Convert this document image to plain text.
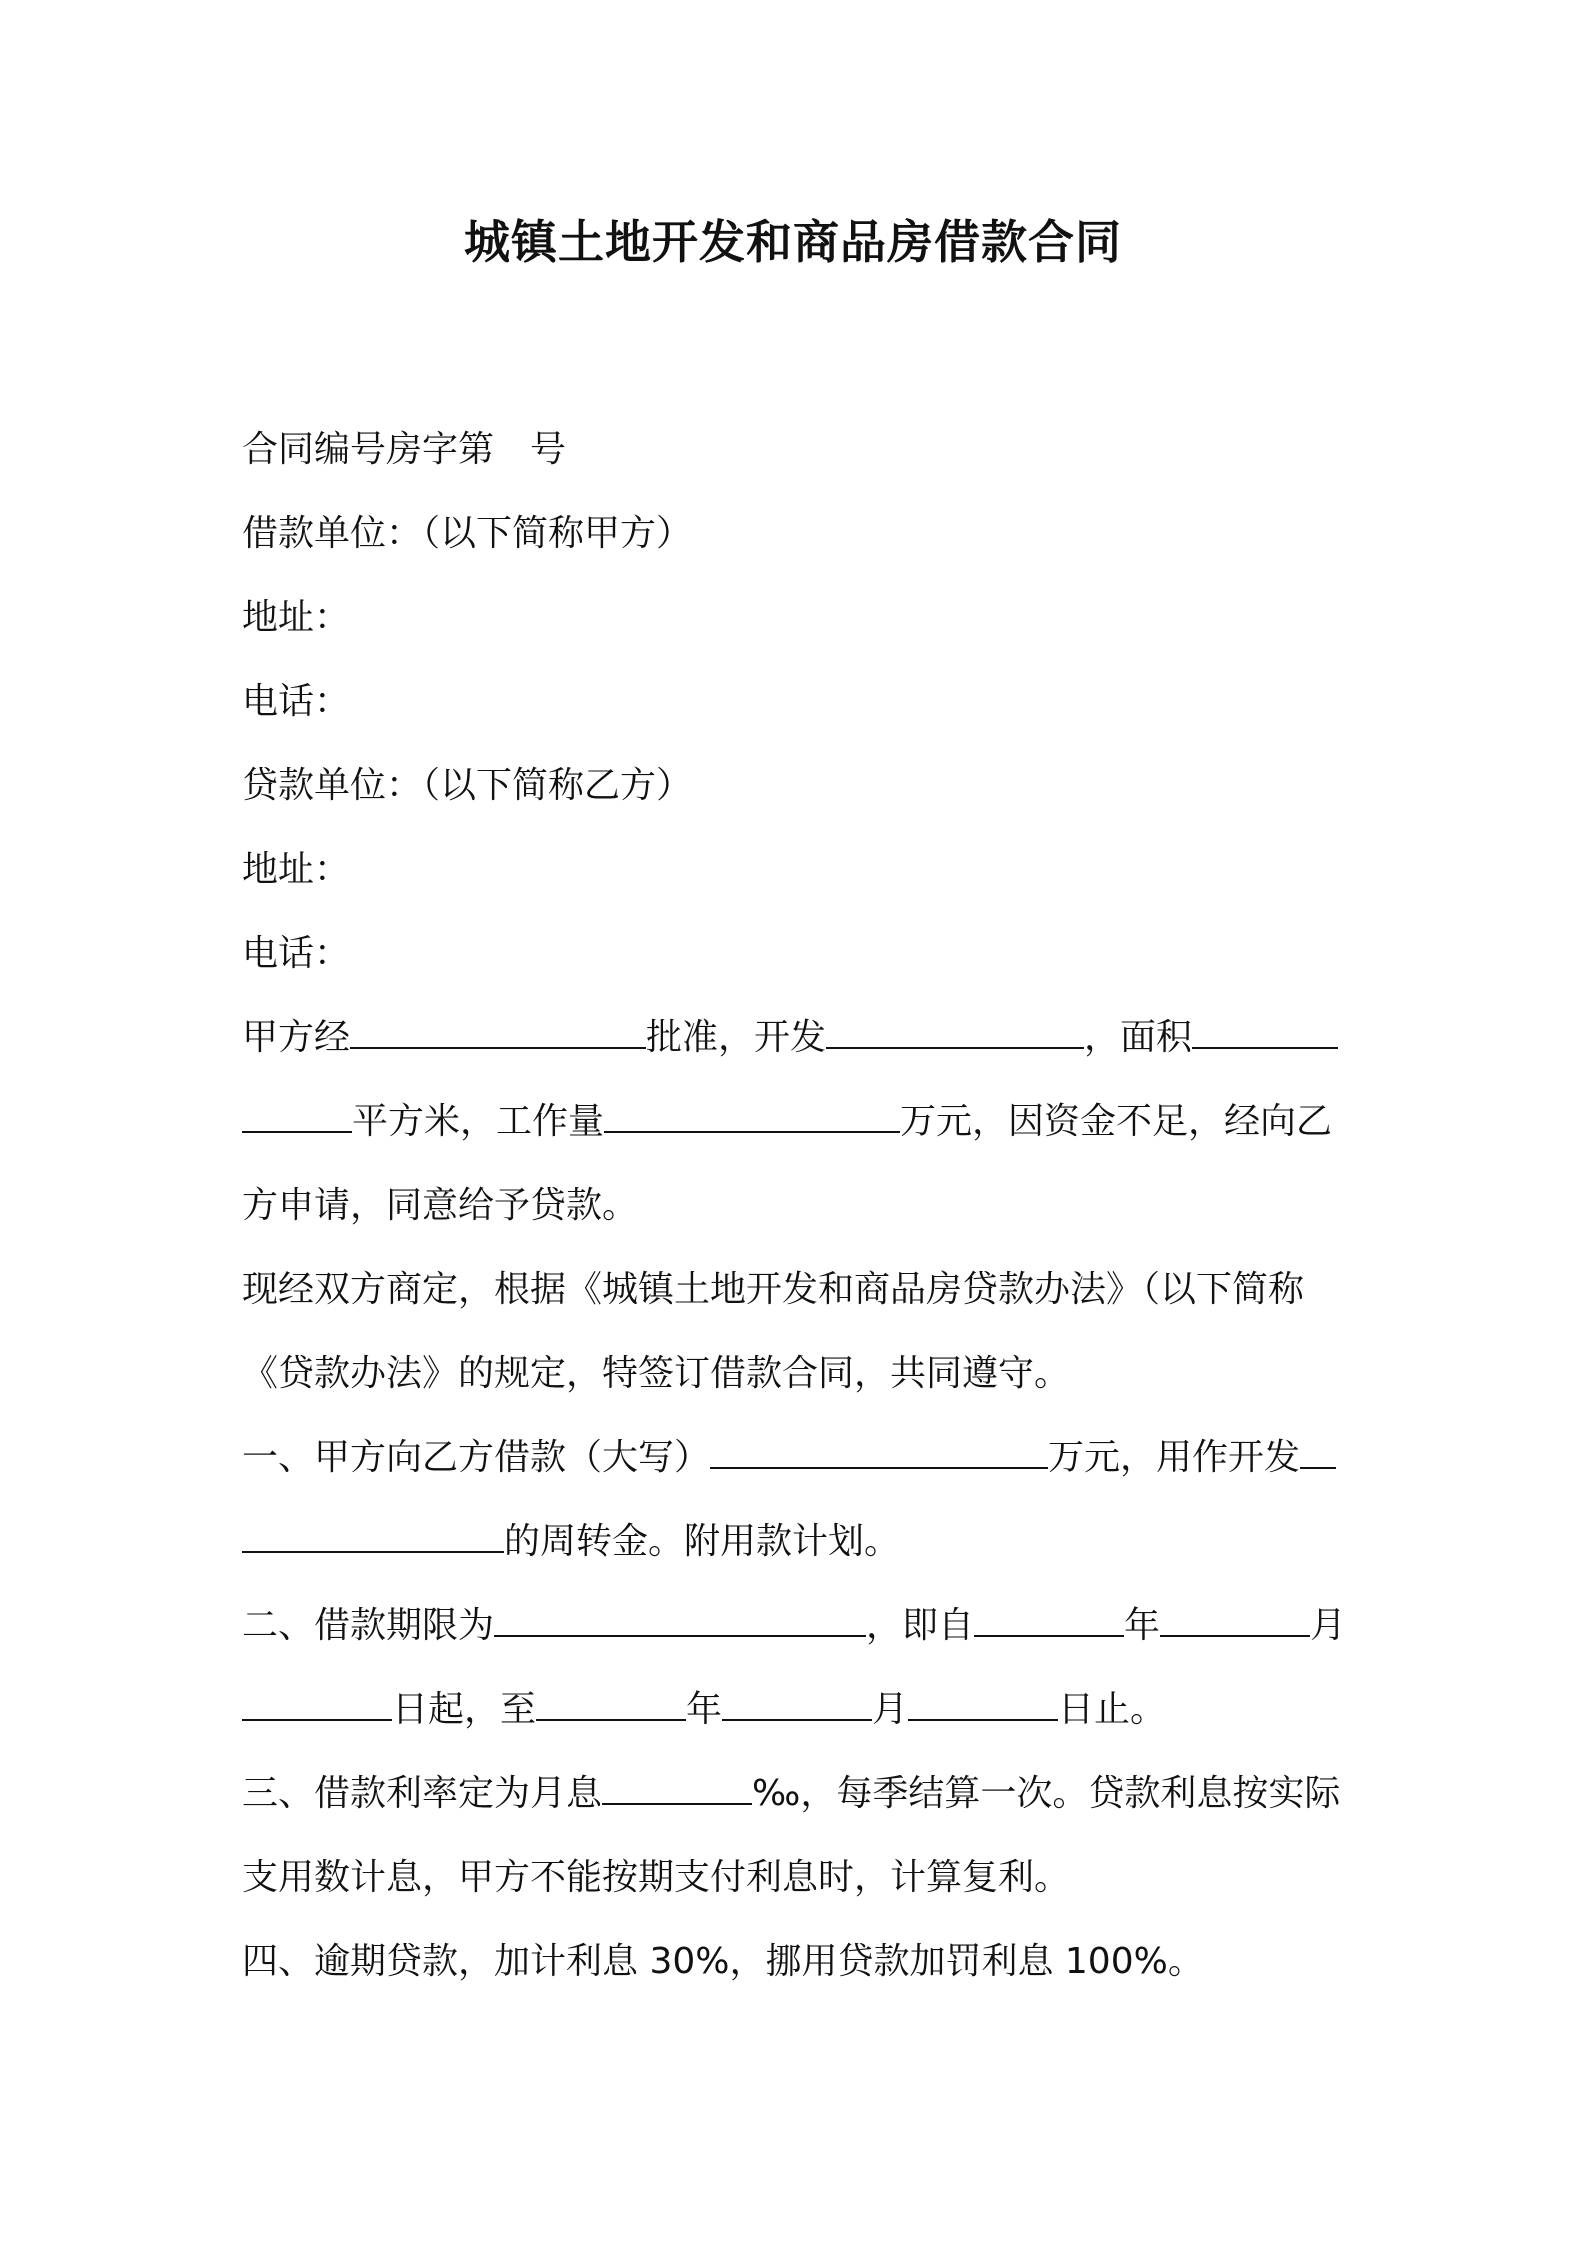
城镇土地开发和商品房借款合同
合同编号房字第 号
借款单位：（以下简称甲方）
地址：
电话：
贷款单位：（以下简称乙方）
地址：
电话：
甲方经	批准，开发	，面积
平方米，工作量	万元，因资金不足，经向乙
方申请，同意给予贷款。
现经双方商定，根据《城镇土地开发和商品房贷款办法》（以下简称
《贷款办法》的规定，特签订借款合同，共同遵守。
一、甲方向乙方借款（大写）	万元，用作开发
的周转金。附用款计划。
二、借款期限为	，即自	年	月
日起，至	年	月	日止。
三、借款利率定为月息	‰，每季结算一次。贷款利息按实际
支用数计息，甲方不能按期支付利息时，计算复利。
四、逾期贷款，加计利息 30%，挪用贷款加罚利息 100%。
